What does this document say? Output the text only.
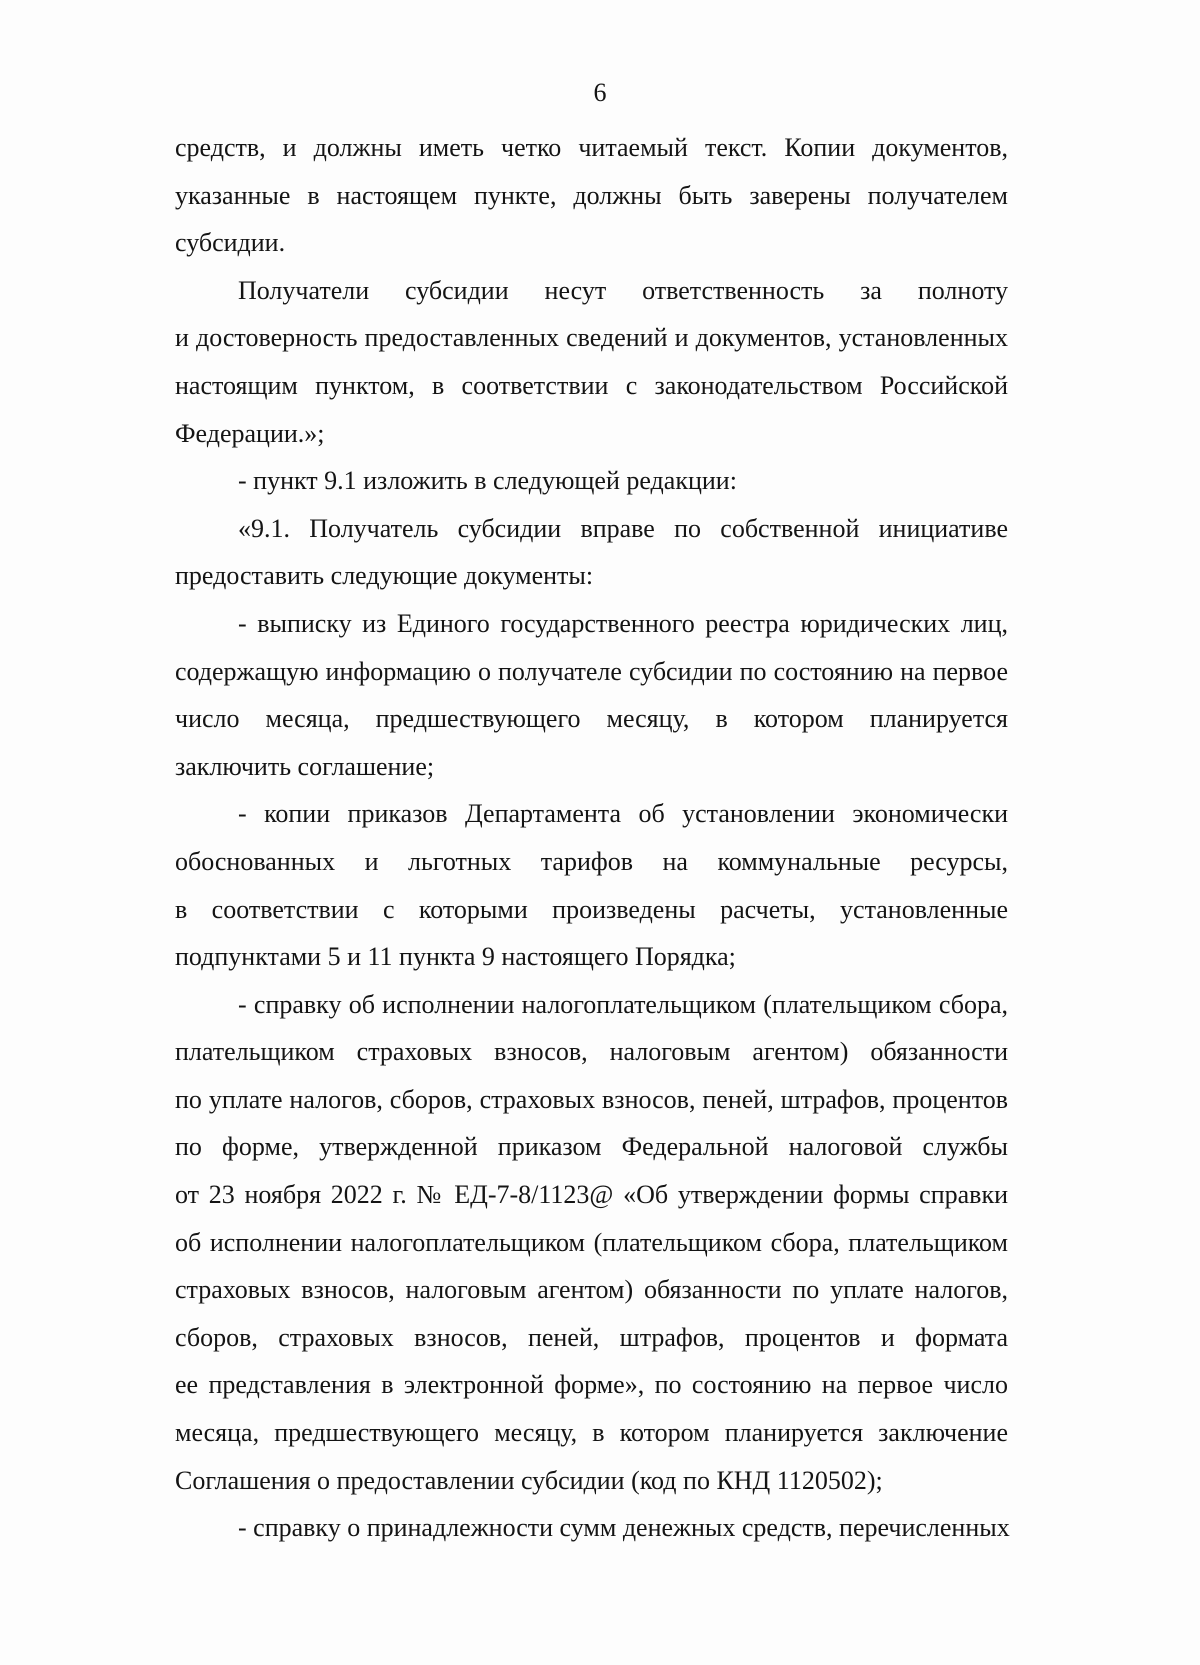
6
средств, и должны иметь четко читаемый текст. Копии документов,
указанные в настоящем пункте, должны быть заверены получателем
субсидии.
Получатели субсидии несут ответственность за полноту
и достоверность предоставленных сведений и документов, установленных
настоящим пунктом, в соответствии с законодательством Российской
Федерации.»;
- пункт 9.1 изложить в следующей редакции:
«9.1. Получатель субсидии вправе по собственной инициативе
предоставить следующие документы:
- выписку из Единого государственного реестра юридических лиц,
содержащую информацию о получателе субсидии по состоянию на первое
число месяца, предшествующего месяцу, в котором планируется
заключить соглашение;
- копии приказов Департамента об установлении экономически
обоснованных и льготных тарифов на коммунальные ресурсы,
в соответствии с которыми произведены расчеты, установленные
подпунктами 5 и 11 пункта 9 настоящего Порядка;
- справку об исполнении налогоплательщиком (плательщиком сбора,
плательщиком страховых взносов, налоговым агентом) обязанности
по уплате налогов, сборов, страховых взносов, пеней, штрафов, процентов
по форме, утвержденной приказом Федеральной налоговой службы
от 23 ноября 2022 г. № ЕД-7-8/1123@ «Об утверждении формы справки
об исполнении налогоплательщиком (плательщиком сбора, плательщиком
страховых взносов, налоговым агентом) обязанности по уплате налогов,
сборов, страховых взносов, пеней, штрафов, процентов и формата
ее представления в электронной форме», по состоянию на первое число
месяца, предшествующего месяцу, в котором планируется заключение
Соглашения о предоставлении субсидии (код по КНД 1120502);
- справку о принадлежности сумм денежных средств, перечисленных
